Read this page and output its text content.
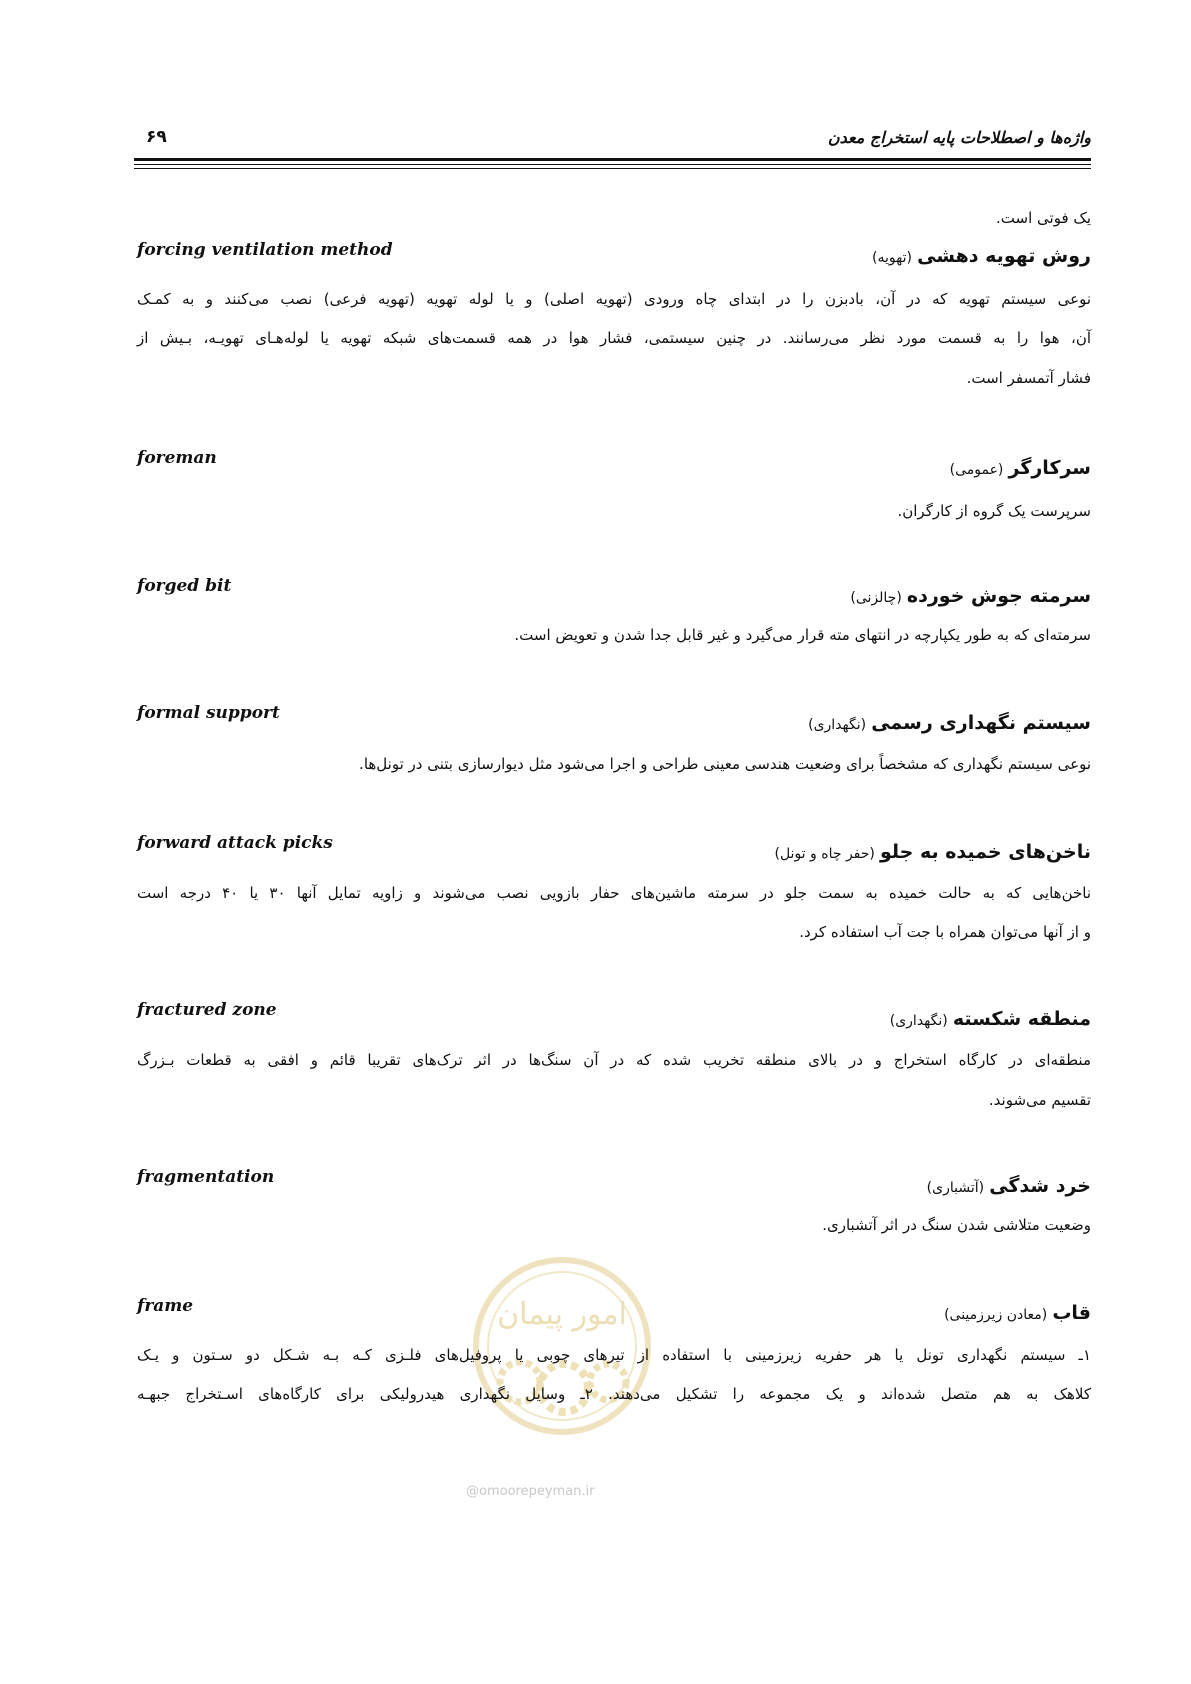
واژه‌ها و اصطلاحات پایه استخراج معدن
۶۹
یک فوتی است.
forcing ventilation method	روش تهویه دهشی (تهویه)
نوعی سیستم تهویه که در آن، بادبزن را در ابتدای چاه ورودی (تهویه اصلی) و یا لوله تهویه (تهویه فرعی) نصب می‌کنند و به کمـک
آن، هوا را به قسمت مورد نظر می‌رسانند. در چنین سیستمی، فشار هوا در همه قسمت‌های شبکه تهویه یا لوله‌هـای تهویـه، بـیش از
فشار آتمسفر است.
foreman	سرکارگر (عمومی)
سرپرست یک گروه از کارگران.
forged bit	سرمته جوش خورده (چالزنی)
سرمته‌ای که به طور یکپارچه در انتهای مته قرار می‌گیرد و غیر قابل جدا شدن و تعویض است.
formal support	سیستم نگهداری رسمی (نگهداری)
نوعی سیستم نگهداری که مشخصاً برای وضعیت هندسی معینی طراحی و اجرا می‌شود مثل دیوارسازی بتنی در تونل‌ها.
forward attack picks	ناخن‌های خمیده به جلو (حفر چاه و تونل)
ناخن‌هایی که به حالت خمیده به سمت جلو در سرمته ماشین‌های حفار بازویی نصب می‌شوند و زاویه تمایل آنها ۳۰ یا ۴۰ درجه است
و از آنها می‌توان همراه با جت آب استفاده کرد.
fractured zone	منطقه شکسته (نگهداری)
منطقه‌ای در کارگاه استخراج و در بالای منطقه تخریب شده که در آن سنگ‌ها در اثر ترک‌های تقریبا قائم و افقی به قطعات بـزرگ
تقسیم می‌شوند.
fragmentation	خرد شدگی (آتشباری)
وضعیت متلاشی شدن سنگ در اثر آتشباری.
امور پیمان
@omoorepeyman.ir
frame	قاب (معادن زیرزمینی)
۱ـ سیستم نگهداری تونل یا هر حفریه زیرزمینی با استفاده از تیرهای چوبی یا پروفیل‌های فلـزی کـه بـه شـکل دو سـتون و یـک
کلاهک به هم متصل شده‌اند و یک مجموعه را تشکیل می‌دهند. ۲ـ وسایل نگهداری هیدرولیکی برای کارگاه‌های اسـتخراج جبهـه
